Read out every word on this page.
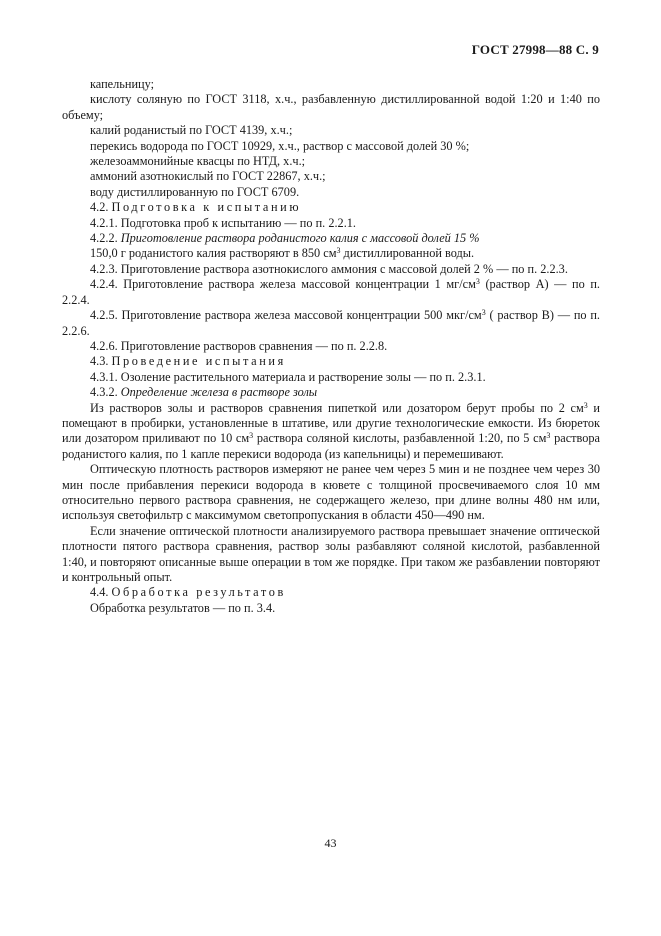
ГОСТ 27998—88 С. 9

капельницу;

кислоту соляную по ГОСТ 3118, х.ч., разбавленную дистиллированной водой 1:20 и 1:40 по объему;

калий роданистый по ГОСТ 4139, х.ч.;

перекись водорода по ГОСТ 10929, х.ч., раствор с массовой долей 30 %;

железоаммонийные квасцы по НТД, х.ч.;

аммоний азотнокислый по ГОСТ 22867, х.ч.;

воду дистиллированную по ГОСТ 6709.

4.2. Подготовка к испытанию

4.2.1. Подготовка проб к испытанию — по п. 2.2.1.

4.2.2. Приготовление раствора роданистого калия с массовой долей 15 %

150,0 г роданистого калия растворяют в 850 $см^3$ дистиллированной воды.

4.2.3. Приготовление раствора азотнокислого аммония с массовой долей 2 % — по п. 2.2.3.

4.2.4. Приготовление раствора железа массовой концентрации 1 $мг/см^3$ (раствор А) — по п. 2.2.4.

4.2.5. Приготовление раствора железа массовой концентрации 500 мкг/$см^3$ ( раствор В) — по п. 2.2.6.

4.2.6. Приготовление растворов сравнения — по п. 2.2.8.

4.3. Проведение испытания

4.3.1. Озоление растительного материала и растворение золы — по п. 2.3.1.

4.3.2. Определение железа в растворе золы

Из растворов золы и растворов сравнения пипеткой или дозатором берут пробы по 2 $см^3$ и помещают в пробирки, установленные в штативе, или другие технологические емкости. Из бюреток или дозатором приливают по 10 $см^3$ раствора соляной кислоты, разбавленной 1:20, по 5 $см^3$ раствора роданистого калия, по 1 капле перекиси водорода (из капельницы) и перемешивают.

Оптическую плотность растворов измеряют не ранее чем через 5 мин и не позднее чем через 30 мин после прибавления перекиси водорода в кювете с толщиной просвечиваемого слоя 10 мм относительно первого раствора сравнения, не содержащего железо, при длине волны 480 нм или, используя светофильтр с максимумом светопропускания в области 450—490 нм.

Если значение оптической плотности анализируемого раствора превышает значение оптической плотности пятого раствора сравнения, раствор золы разбавляют соляной кислотой, разбавленной 1:40, и повторяют описанные выше операции в том же порядке. При таком же разбавлении повторяют и контрольный опыт.

4.4. Обработка результатов

Обработка результатов — по п. 3.4.

43
